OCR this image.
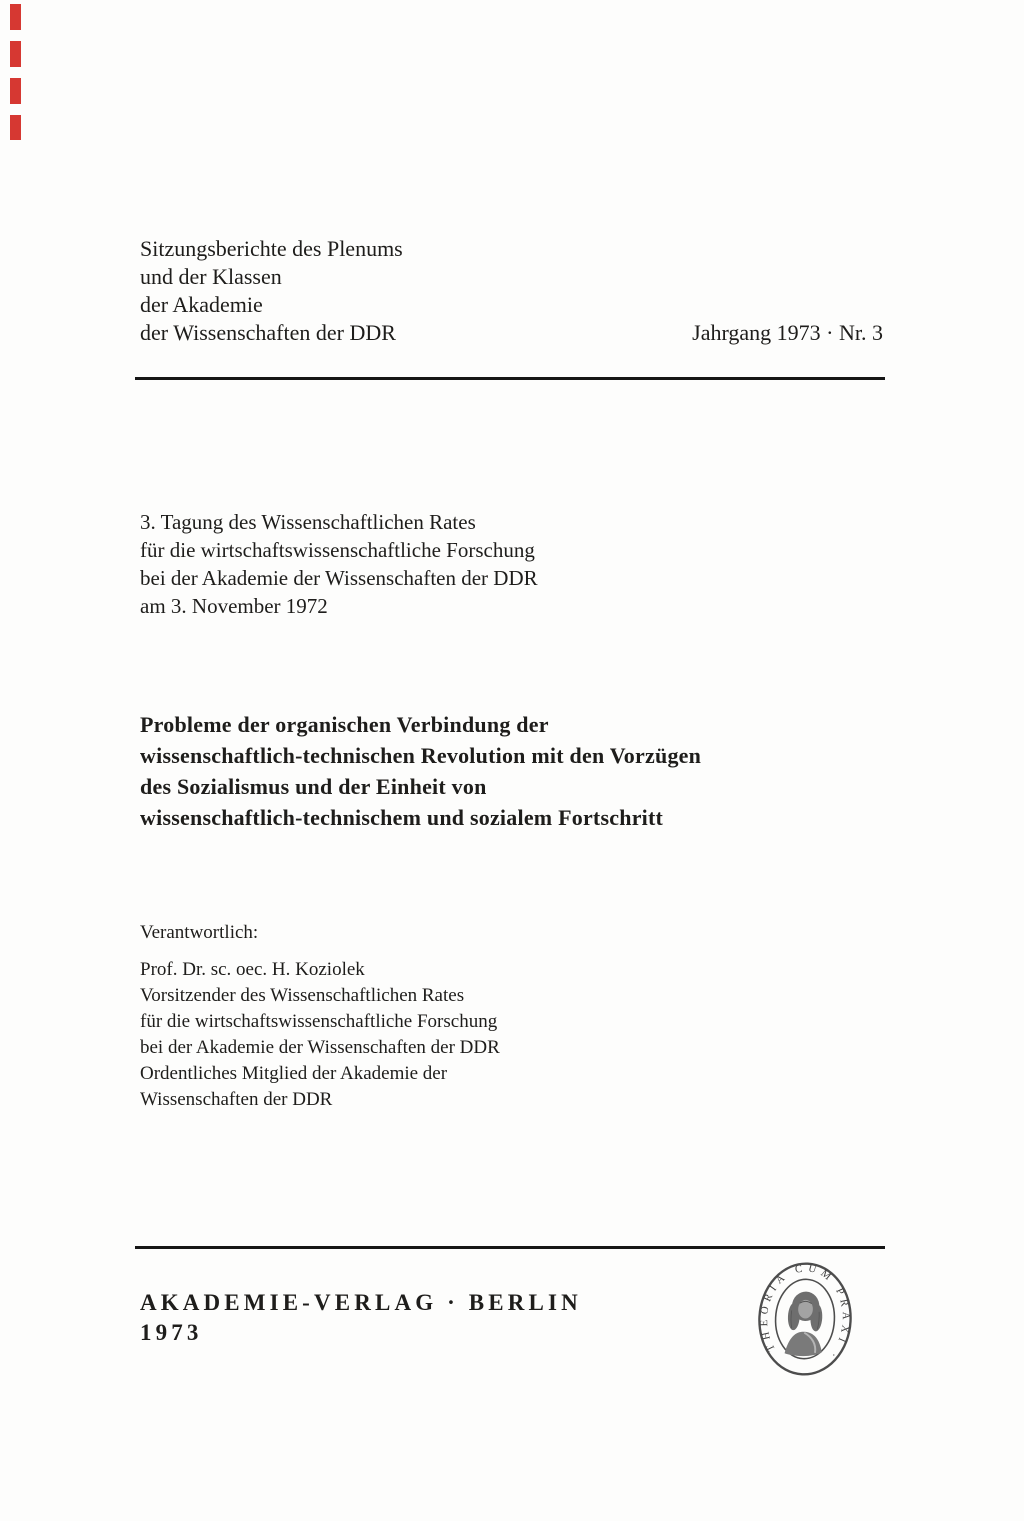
Sitzungsberichte des Plenums
und der Klassen
der Akademie
der Wissenschaften der DDR	Jahrgang 1973 · Nr. 3
3. Tagung des Wissenschaftlichen Rates
für die wirtschaftswissenschaftliche Forschung
bei der Akademie der Wissenschaften der DDR
am 3. November 1972
Probleme der organischen Verbindung der
wissenschaftlich-technischen Revolution mit den Vorzügen
des Sozialismus und der Einheit von
wissenschaftlich-technischem und sozialem Fortschritt
Verantwortlich:
Prof. Dr. sc. oec. H. Koziolek
Vorsitzender des Wissenschaftlichen Rates
für die wirtschaftswissenschaftliche Forschung
bei der Akademie der Wissenschaften der DDR
Ordentliches Mitglied der Akademie der
Wissenschaften der DDR
AKADEMIE-VERLAG · BERLIN
1973
THEORIA CUM PRAXI ·
